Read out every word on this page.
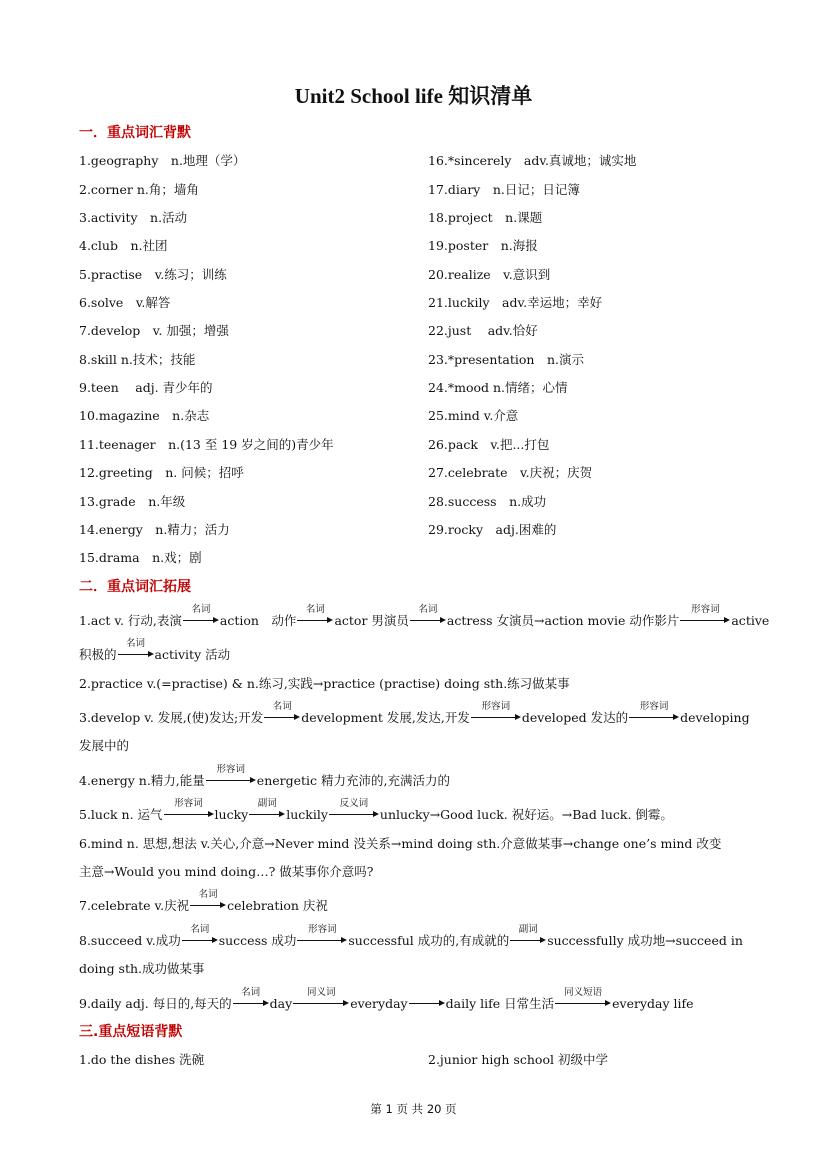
Unit2 School life 知识清单
一．重点词汇背默
1.geography　n.地理（学）
2.corner n.角；墙角
3.activity　n.活动
4.club　n.社团
5.practise　v.练习；训练
6.solve　v.解答
7.develop　v. 加强；增强
8.skill n.技术；技能
9.teen　 adj. 青少年的
10.magazine　n.杂志
11.teenager　n.(13 至 19 岁之间的)青少年
12.greeting　n. 问候；招呼
13.grade　n.年级
14.energy　n.精力；活力
15.drama　n.戏；剧
16.*sincerely　adv.真诚地；诚实地
17.diary　n.日记；日记簿
18.project　n.课题
19.poster　n.海报
20.realize　v.意识到
21.luckily　adv.幸运地；幸好
22.just　 adv.恰好
23.*presentation　n.演示
24.*mood n.情绪；心情
25.mind v.介意
26.pack　v.把...打包
27.celebrate　v.庆祝；庆贺
28.success　n.成功
29.rocky　adj.困难的
二．重点词汇拓展
1.act v. 行动,表演
名词
action　动作
名词
actor 男演员
名词
actress 女演员→action movie 动作影片
形容词
active
积极的
名词
activity 活动
2.practice v.(=practise) & n.练习,实践→practice (practise) doing sth.练习做某事
3.develop v. 发展,(使)发达;开发
名词
development 发展,发达,开发
形容词
developed 发达的
形容词
developing
发展中的
4.energy n.精力,能量
形容词
energetic 精力充沛的,充满活力的
5.luck n. 运气
形容词
lucky
副词
luckily
反义词
unlucky→Good luck. 祝好运。→Bad luck. 倒霉。
6.mind n. 思想,想法 v.关心,介意→Never mind 没关系→mind doing sth.介意做某事→change one’s mind 改变
主意→Would you mind doing…? 做某事你介意吗?
7.celebrate v.庆祝
名词
celebration 庆祝
8.succeed v.成功
名词
success 成功
形容词
successful 成功的,有成就的
副词
successfully 成功地→succeed in
doing sth.成功做某事
9.daily adj. 每日的,每天的
名词
day
同义词
everyday	daily life 日常生活
同义短语
everyday life
三.重点短语背默
1.do the dishes 洗碗	2.junior high school 初级中学
第 1 页 共 20 页
